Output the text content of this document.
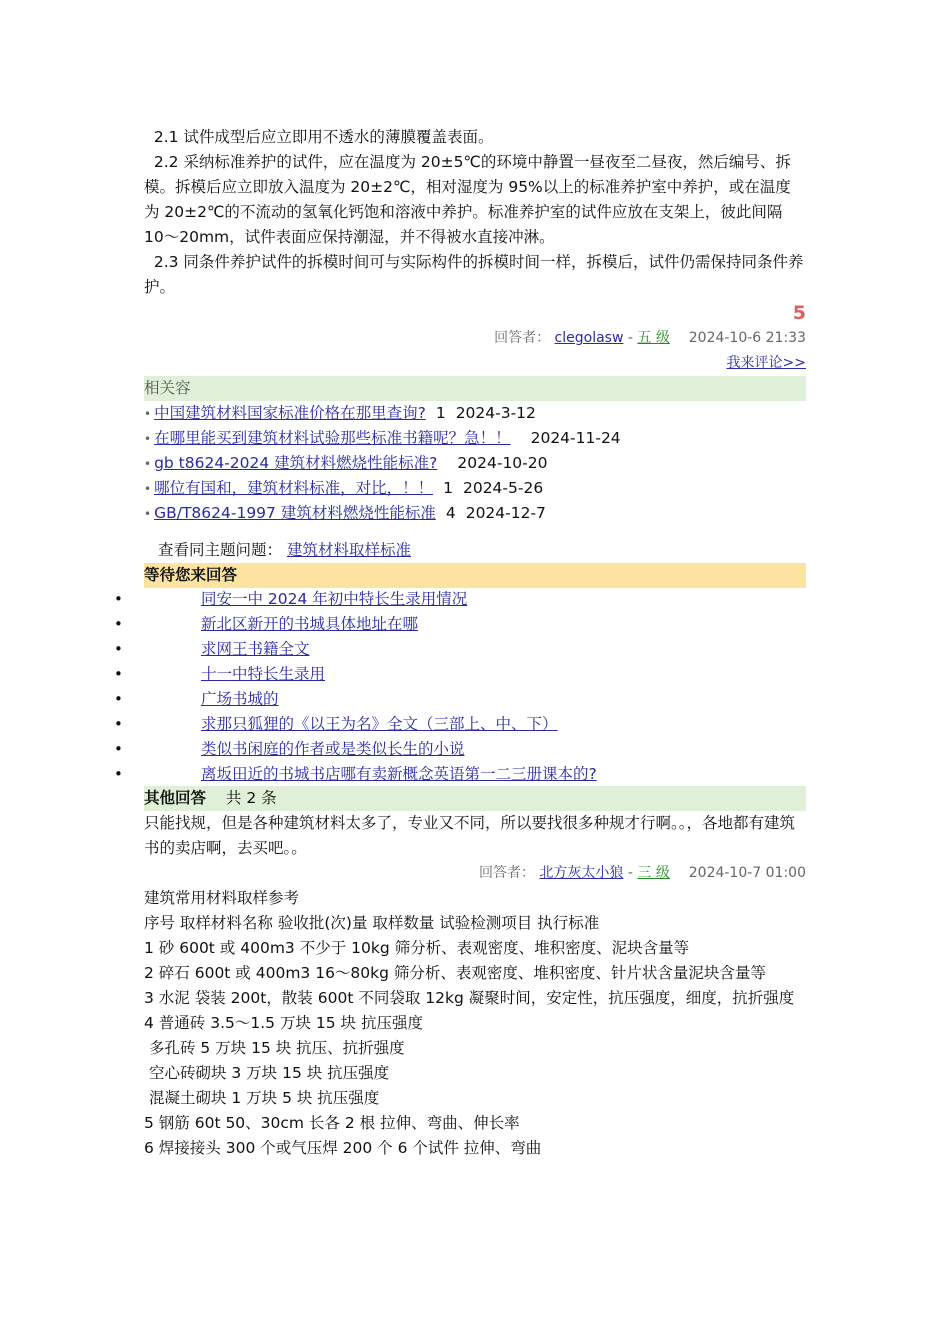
2.1 试件成型后应立即用不透水的薄膜覆盖表面。

2.2 采纳标准养护的试件，应在温度为 20±5℃的环境中静置一昼夜至二昼夜，然后编号、拆模。拆模后应立即放入温度为 20±2℃，相对湿度为 95%以上的标准养护室中养护，或在温度为 20±2℃的不流动的氢氧化钙饱和溶液中养护。标准养护室的试件应放在支架上，彼此间隔 10～20mm，试件表面应保持潮湿，并不得被水直接冲淋。

2.3 同条件养护试件的拆模时间可与实际构件的拆模时间一样，拆模后，试件仍需保持同条件养护。

5
回答者： clegolasw - 五 级 2024-10-6 21:33
我来评论>>
相关容
• 中国建筑材料国家标准价格在那里查询? 1 2024-3-12
• 在哪里能买到建筑材料试验那些标准书籍呢？急！！ 2024-11-24
• gb t8624-2024 建筑材料燃烧性能标准? 2024-10-20
• 哪位有国和，建筑材料标准，对比，！！ 1 2024-5-26
• GB/T8624-1997 建筑材料燃烧性能标准 4 2024-12-7
查看同主题问题： 建筑材料取样标准
等待您来回答
•	同安一中 2024 年初中特长生录用情况
•	新北区新开的书城具体地址在哪
•	求网王书籍全文
•	十一中特长生录用
•	广场书城的
•	求那只狐狸的《以王为名》全文（三部上、中、下）
•	类似书闲庭的作者或是类似长生的小说
•	离坂田近的书城书店哪有卖新概念英语第一二三册课本的?
其他回答 共 2 条

只能找规，但是各种建筑材料太多了，专业又不同，所以要找很多种规才行啊。。，各地都有建筑书的卖店啊，去买吧。。

回答者： 北方灰太小狼 - 三 级 2024-10-7 01:00

建筑常用材料取样参考

序号 取样材料名称 验收批(次)量 取样数量 试验检测项目 执行标准

1 砂 600t 或 400m3 不少于 10kg 筛分析、表观密度、堆积密度、泥块含量等

2 碎石 600t 或 400m3 16～80kg 筛分析、表观密度、堆积密度、针片状含量泥块含量等

3 水泥 袋装 200t，散装 600t 不同袋取 12kg 凝聚时间，安定性，抗压强度，细度，抗折强度

4 普通砖 3.5～1.5 万块 15 块 抗压强度

多孔砖 5 万块 15 块 抗压、抗折强度

空心砖砌块 3 万块 15 块 抗压强度

混凝土砌块 1 万块 5 块 抗压强度

5 钢筋 60t 50、30cm 长各 2 根 拉伸、弯曲、伸长率

6 焊接接头 300 个或气压焊 200 个 6 个试件 拉伸、弯曲
